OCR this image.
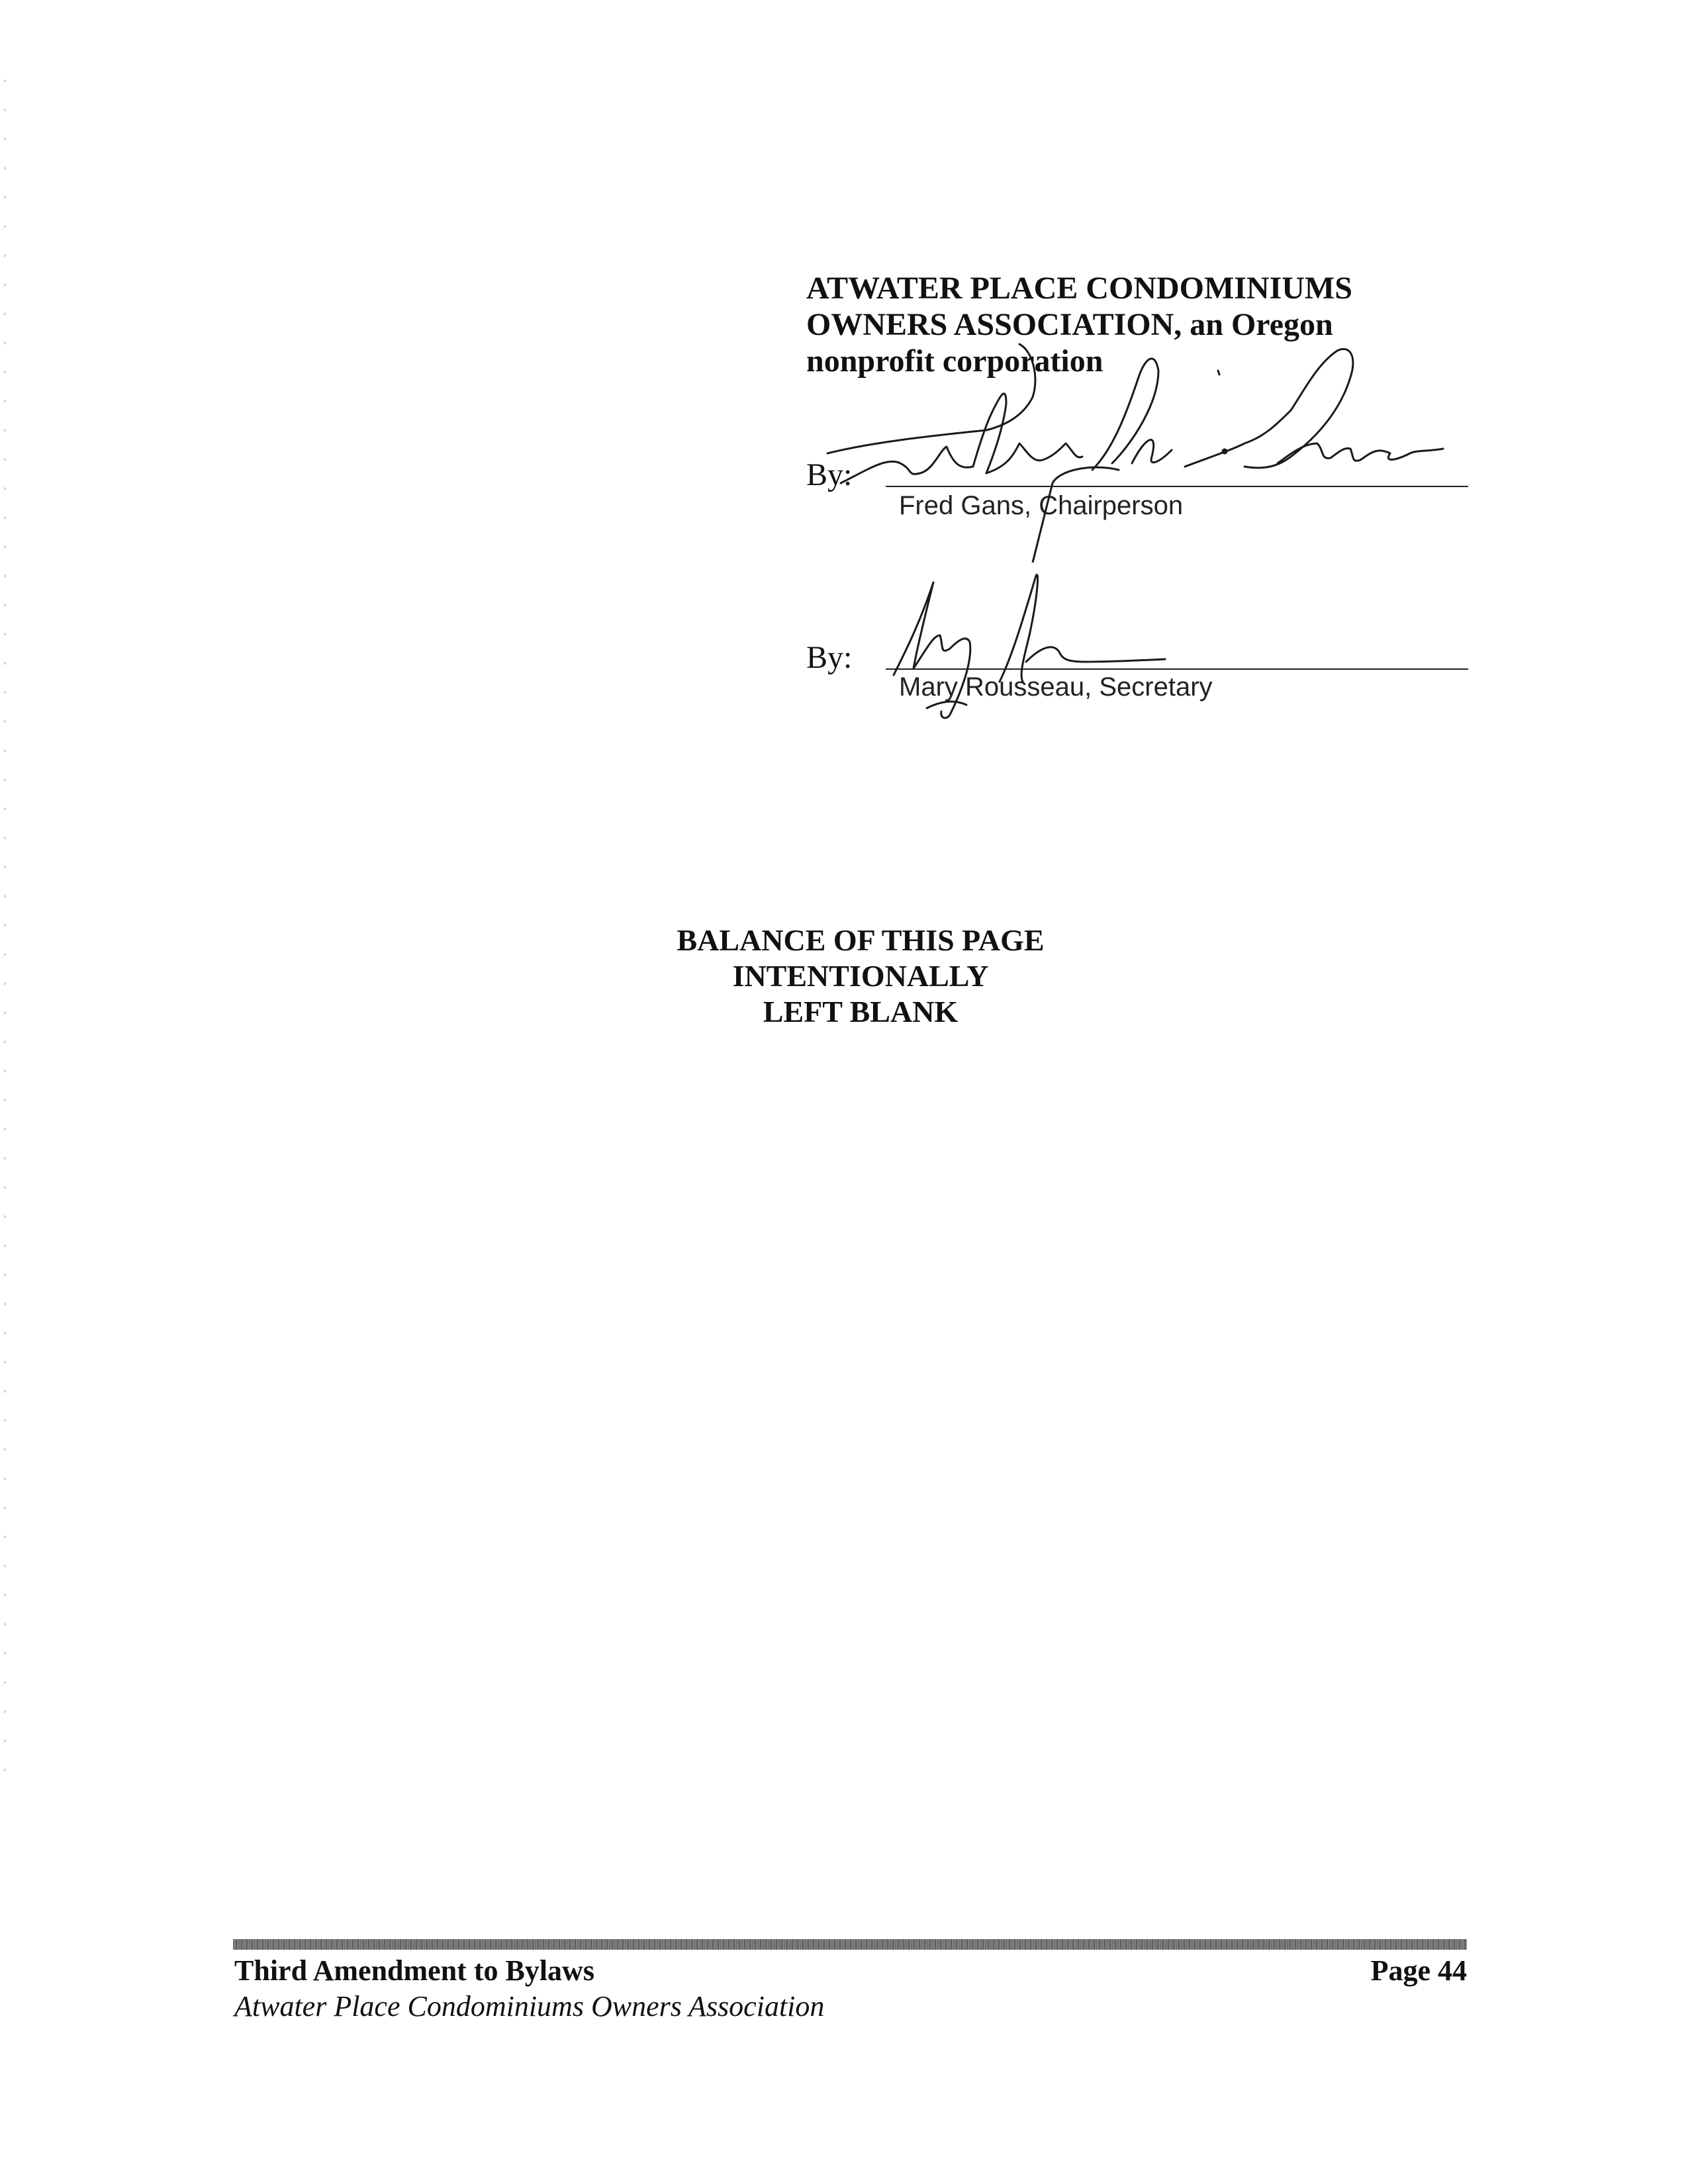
ATWATER PLACE CONDOMINIUMS
OWNERS ASSOCIATION, an Oregon
nonprofit corporation
By:
Fred Gans, Chairperson
By:
Mary Rousseau, Secretary
BALANCE OF THIS PAGE
INTENTIONALLY
LEFT BLANK
Third Amendment to Bylaws
Atwater Place Condominiums Owners Association
Page 44
